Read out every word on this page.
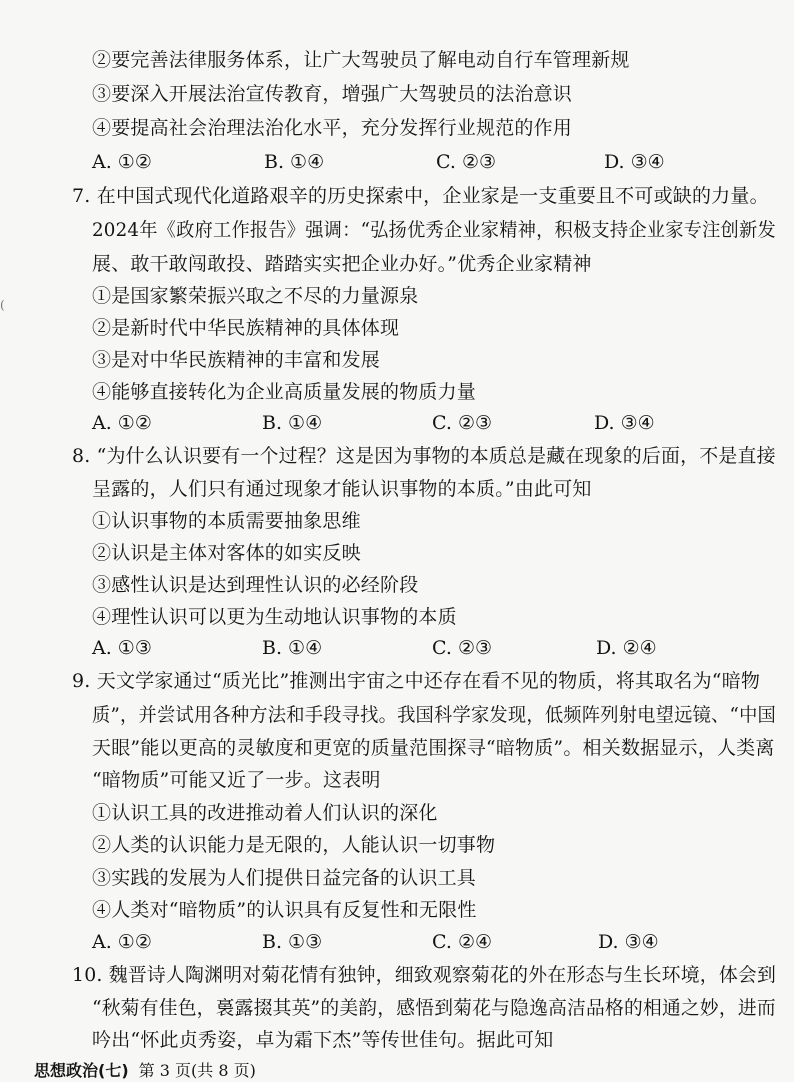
(
②要完善法律服务体系，让广大驾驶员了解电动自行车管理新规
③要深入开展法治宣传教育，增强广大驾驶员的法治意识
④要提高社会治理法治化水平，充分发挥行业规范的作用
A. ①②	B. ①④	C. ②③	D. ③④
7. 在中国式现代化道路艰辛的历史探索中，企业家是一支重要且不可或缺的力量。
2024年《政府工作报告》强调：“弘扬优秀企业家精神，积极支持企业家专注创新发
展、敢干敢闯敢投、踏踏实实把企业办好。”优秀企业家精神
①是国家繁荣振兴取之不尽的力量源泉
②是新时代中华民族精神的具体体现
③是对中华民族精神的丰富和发展
④能够直接转化为企业高质量发展的物质力量
A. ①②	B. ①④	C. ②③	D. ③④
8. “为什么认识要有一个过程？这是因为事物的本质总是藏在现象的后面，不是直接
呈露的，人们只有通过现象才能认识事物的本质。”由此可知
①认识事物的本质需要抽象思维
②认识是主体对客体的如实反映
③感性认识是达到理性认识的必经阶段
④理性认识可以更为生动地认识事物的本质
A. ①③	B. ①④	C. ②③	D. ②④
9. 天文学家通过“质光比”推测出宇宙之中还存在看不见的物质，将其取名为“暗物
质”，并尝试用各种方法和手段寻找。我国科学家发现，低频阵列射电望远镜、“中国
天眼”能以更高的灵敏度和更宽的质量范围探寻“暗物质”。相关数据显示，人类离
“暗物质”可能又近了一步。这表明
①认识工具的改进推动着人们认识的深化
②人类的认识能力是无限的，人能认识一切事物
③实践的发展为人们提供日益完备的认识工具
④人类对“暗物质”的认识具有反复性和无限性
A. ①②	B. ①③	C. ②④	D. ③④
10. 魏晋诗人陶渊明对菊花情有独钟，细致观察菊花的外在形态与生长环境，体会到
“秋菊有佳色，裛露掇其英”的美韵，感悟到菊花与隐逸高洁品格的相通之妙，进而
吟出“怀此贞秀姿，卓为霜下杰”等传世佳句。据此可知
思想政治(七) 第 3 页(共 8 页)
